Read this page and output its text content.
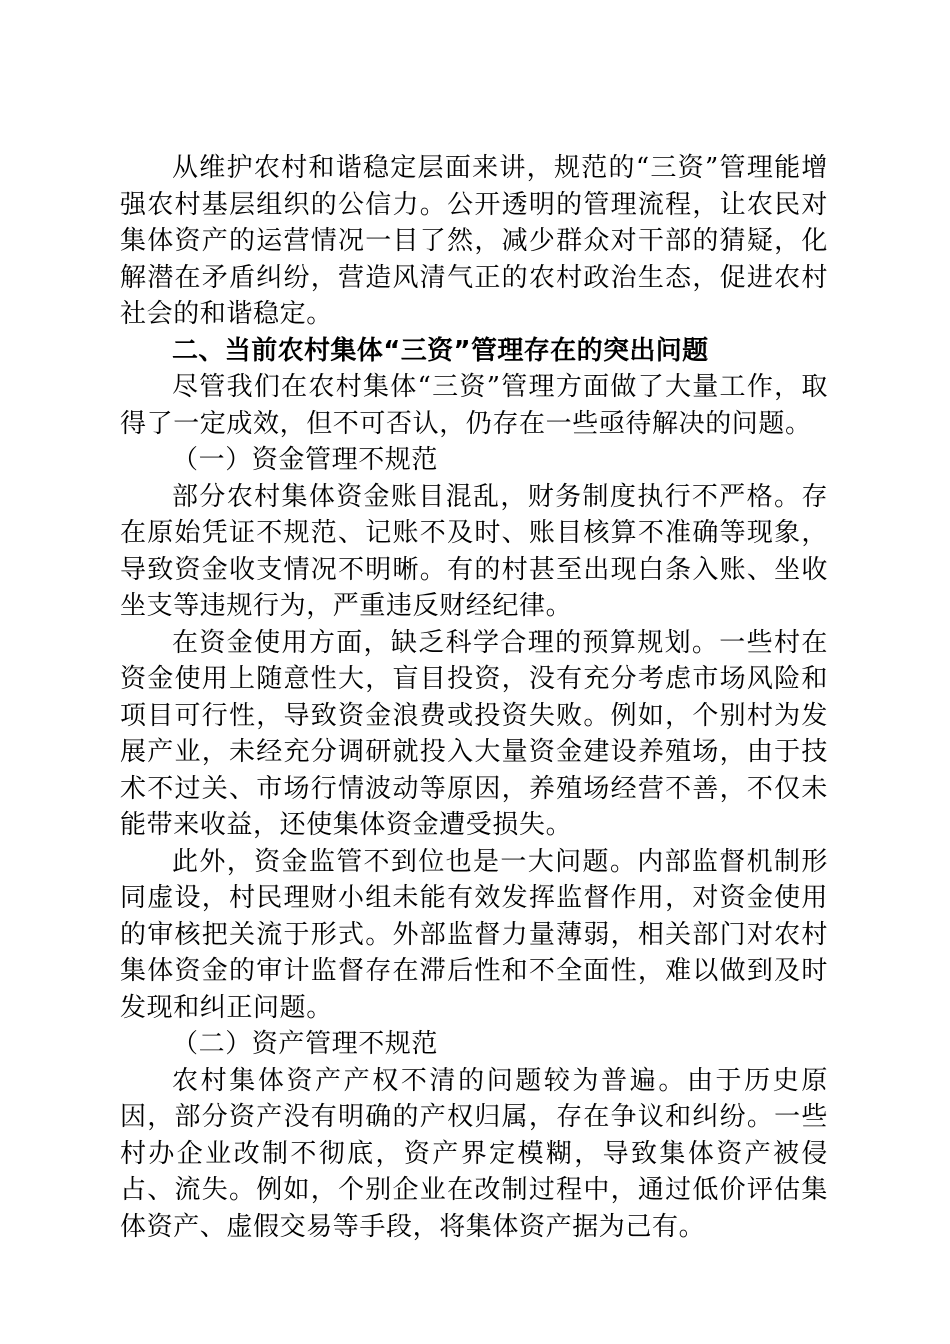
从维护农村和谐稳定层面来讲，规范的“三资”管理能增强农村基层组织的公信力。公开透明的管理流程，让农民对集体资产的运营情况一目了然，减少群众对干部的猜疑，化解潜在矛盾纠纷，营造风清气正的农村政治生态，促进农村社会的和谐稳定。

二、当前农村集体“三资”管理存在的突出问题

尽管我们在农村集体“三资”管理方面做了大量工作，取得了一定成效，但不可否认，仍存在一些亟待解决的问题。

（一）资金管理不规范

部分农村集体资金账目混乱，财务制度执行不严格。存在原始凭证不规范、记账不及时、账目核算不准确等现象，导致资金收支情况不明晰。有的村甚至出现白条入账、坐收坐支等违规行为，严重违反财经纪律。

在资金使用方面，缺乏科学合理的预算规划。一些村在资金使用上随意性大，盲目投资，没有充分考虑市场风险和项目可行性，导致资金浪费或投资失败。例如，个别村为发展产业，未经充分调研就投入大量资金建设养殖场，由于技术不过关、市场行情波动等原因，养殖场经营不善，不仅未能带来收益，还使集体资金遭受损失。

此外，资金监管不到位也是一大问题。内部监督机制形同虚设，村民理财小组未能有效发挥监督作用，对资金使用的审核把关流于形式。外部监督力量薄弱，相关部门对农村集体资金的审计监督存在滞后性和不全面性，难以做到及时发现和纠正问题。

（二）资产管理不规范

农村集体资产产权不清的问题较为普遍。由于历史原因，部分资产没有明确的产权归属，存在争议和纠纷。一些村办企业改制不彻底，资产界定模糊，导致集体资产被侵占、流失。例如，个别企业在改制过程中，通过低价评估集体资产、虚假交易等手段，将集体资产据为己有。
